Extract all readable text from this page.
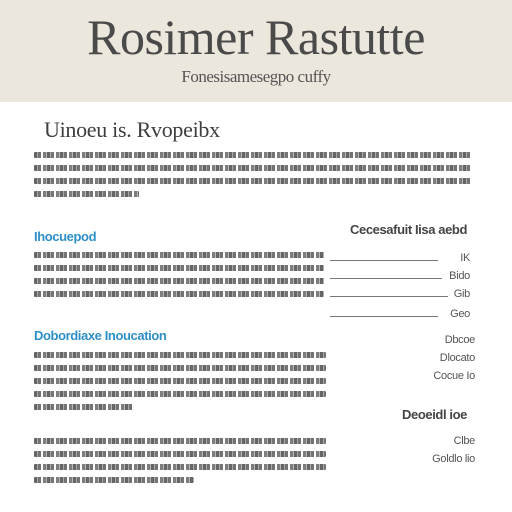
Rosimer Rastutte
Fonesisamesegpo cuffy
Uinoeu is. Rvopeibx
Ihocuepod
Dobordiaxe Inoucation
Cecesafuit Iisa aebd
IK
Bido
Gib
Geo
Dbcoe
Dlocato
Cocue Io
Deoeidl ioe
Clbe
Goldlo lio
